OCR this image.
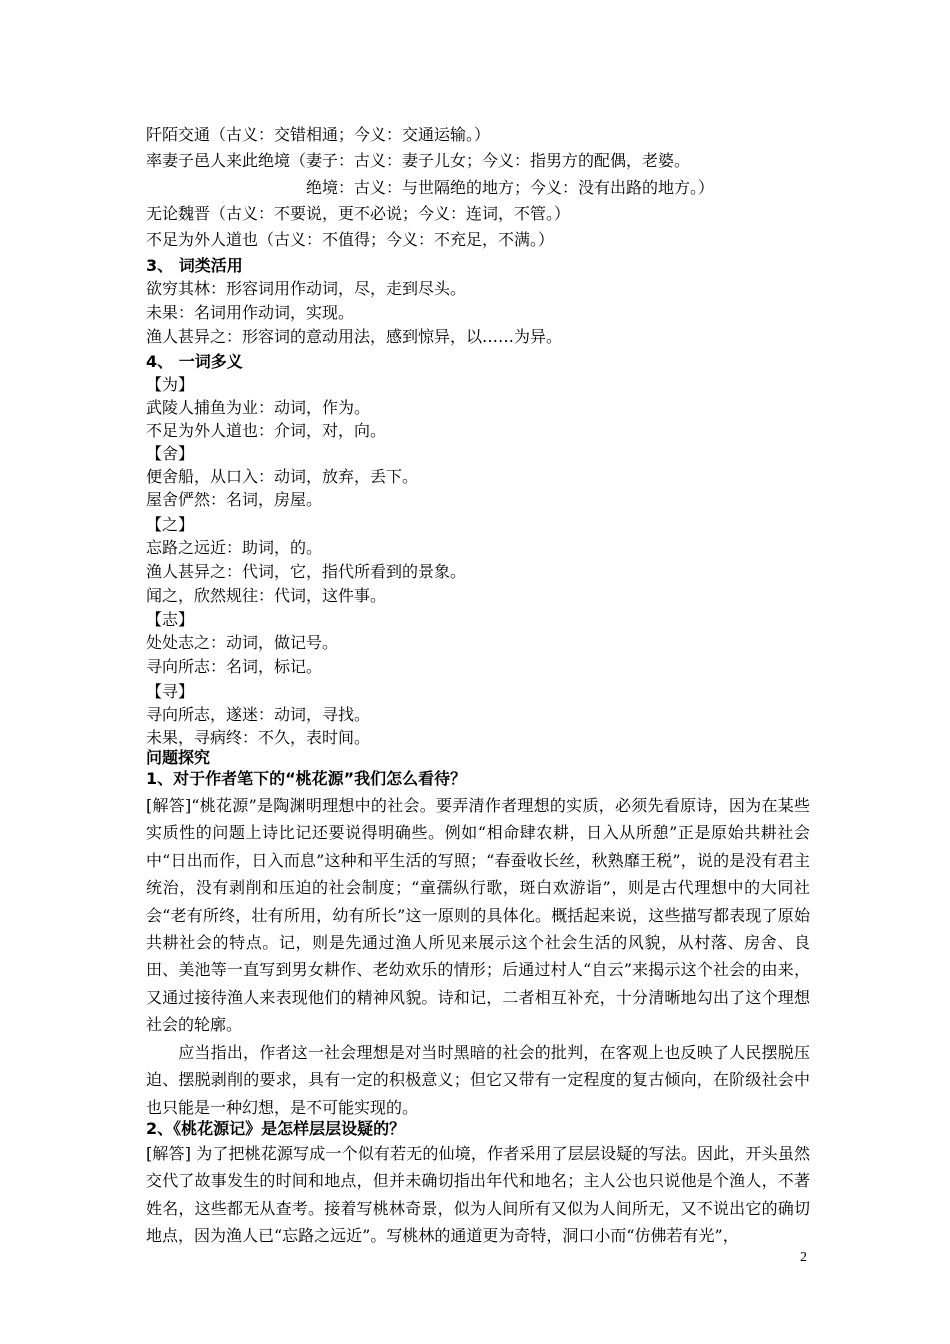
阡陌交通（古义：交错相通；今义：交通运输。）
率妻子邑人来此绝境（妻子：古义：妻子儿女；今义：指男方的配偶，老婆。
绝境：古义：与世隔绝的地方；今义：没有出路的地方。）
无论魏晋（古义：不要说，更不必说；今义：连词，不管。）
不足为外人道也（古义：不值得；今义：不充足，不满。）
3、 词类活用
欲穷其林：形容词用作动词，尽，走到尽头。
未果：名词用作动词，实现。
渔人甚异之：形容词的意动用法，感到惊异，以……为异。
4、 一词多义
【为】
武陵人捕鱼为业：动词，作为。
不足为外人道也：介词，对，向。
【舍】
便舍船，从口入：动词，放弃，丢下。
屋舍俨然：名词，房屋。
【之】
忘路之远近：助词，的。
渔人甚异之：代词，它，指代所看到的景象。
闻之，欣然规往：代词，这件事。
【志】
处处志之：动词，做记号。
寻向所志：名词，标记。
【寻】
寻向所志，遂迷：动词，寻找。
未果，寻病终：不久，表时间。
问题探究
1、对于作者笔下的“桃花源”我们怎么看待？
[解答]“桃花源”是陶渊明理想中的社会。要弄清作者理想的实质，必须先看原诗，因为在某些实质性的问题上诗比记还要说得明确些。例如“相命肆农耕，日入从所憩”正是原始共耕社会中“日出而作，日入而息”这种和平生活的写照；“春蚕收长丝，秋熟靡王税”，说的是没有君主统治，没有剥削和压迫的社会制度；“童孺纵行歌，斑白欢游诣”，则是古代理想中的大同社会“老有所终，壮有所用，幼有所长”这一原则的具体化。概括起来说，这些描写都表现了原始共耕社会的特点。记，则是先通过渔人所见来展示这个社会生活的风貌，从村落、房舍、良田、美池等一直写到男女耕作、老幼欢乐的情形；后通过村人“自云”来揭示这个社会的由来，又通过接待渔人来表现他们的精神风貌。诗和记，二者相互补充，十分清晰地勾出了这个理想社会的轮廓。
应当指出，作者这一社会理想是对当时黑暗的社会的批判，在客观上也反映了人民摆脱压迫、摆脱剥削的要求，具有一定的积极意义；但它又带有一定程度的复古倾向，在阶级社会中也只能是一种幻想，是不可能实现的。
2、《桃花源记》是怎样层层设疑的？
[解答] 为了把桃花源写成一个似有若无的仙境，作者采用了层层设疑的写法。因此，开头虽然交代了故事发生的时间和地点，但并未确切指出年代和地名；主人公也只说他是个渔人，不著姓名，这些都无从查考。接着写桃林奇景，似为人间所有又似为人间所无，又不说出它的确切地点，因为渔人已“忘路之远近”。写桃林的通道更为奇特，洞口小而“仿佛若有光”，
2
